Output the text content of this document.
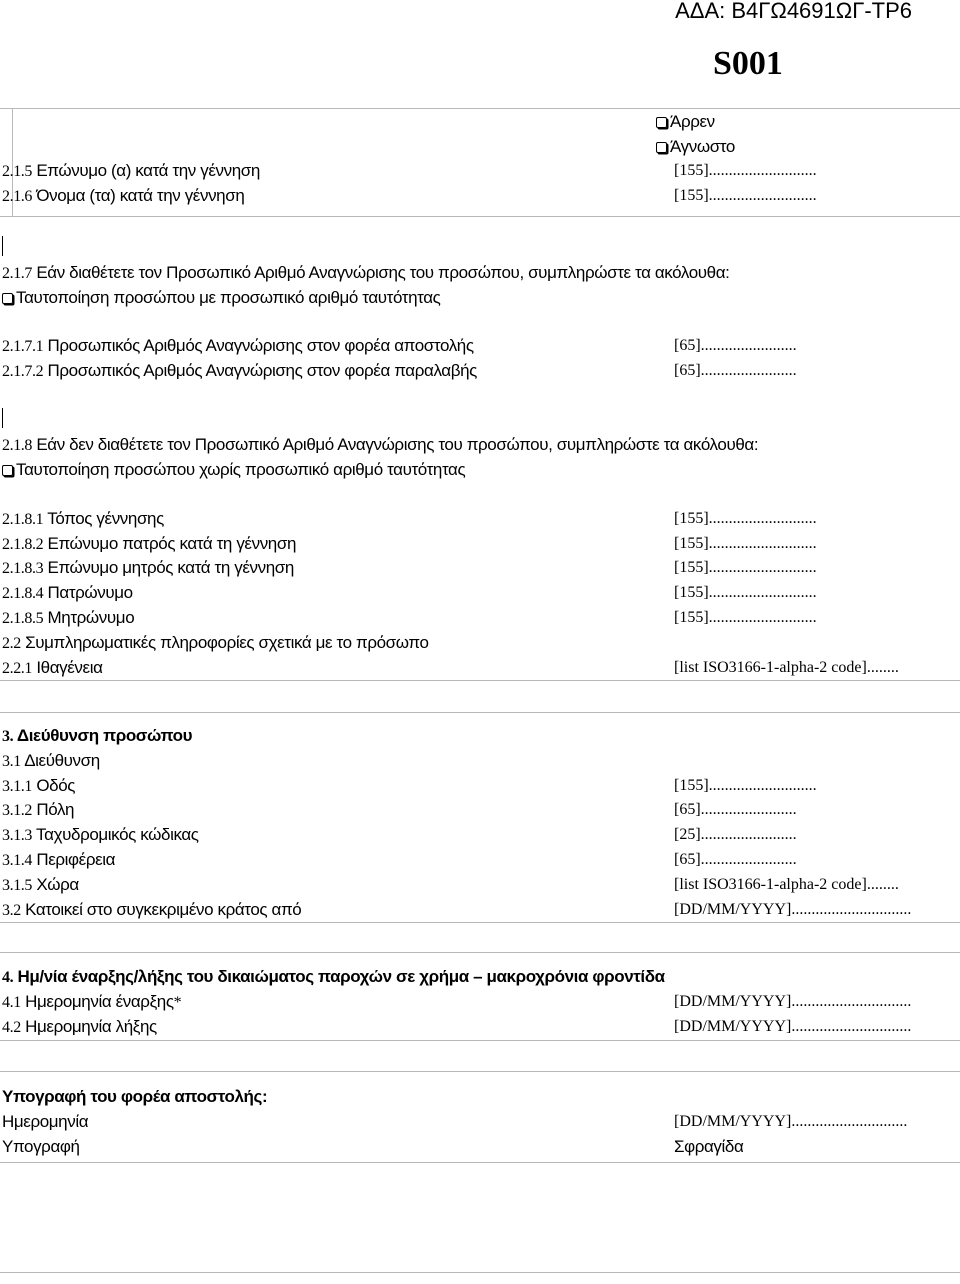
ΑΔΑ: Β4ΓΩ4691ΩΓ-ΤΡ6
S001
Άρρεν
Άγνωστο
2.1.5 Επώνυμο (α) κατά την γέννηση	[155]...........................
2.1.6 Όνομα (τα) κατά την γέννηση	[155]...........................
2.1.7 Εάν διαθέτετε τον Προσωπικό Αριθμό Αναγνώρισης του προσώπου, συμπληρώστε τα ακόλουθα:
Ταυτοποίηση προσώπου με προσωπικό αριθμό ταυτότητας
2.1.7.1 Προσωπικός Αριθμός Αναγνώρισης στον φορέα αποστολής	[65]........................
2.1.7.2 Προσωπικός Αριθμός Αναγνώρισης στον φορέα παραλαβής	[65]........................
2.1.8 Εάν δεν διαθέτετε τον Προσωπικό Αριθμό Αναγνώρισης του προσώπου, συμπληρώστε τα ακόλουθα:
Ταυτοποίηση προσώπου χωρίς προσωπικό αριθμό ταυτότητας
2.1.8.1 Τόπος γέννησης	[155]...........................
2.1.8.2 Επώνυμο πατρός κατά τη γέννηση	[155]...........................
2.1.8.3 Επώνυμο μητρός κατά τη γέννηση	[155]...........................
2.1.8.4 Πατρώνυμο	[155]...........................
2.1.8.5 Μητρώνυμο	[155]...........................
2.2 Συμπληρωματικές πληροφορίες σχετικά με το πρόσωπο
2.2.1 Ιθαγένεια	[list ISO3166-1-alpha-2 code]........
3. Διεύθυνση προσώπου
3.1 Διεύθυνση
3.1.1 Οδός	[155]...........................
3.1.2 Πόλη	[65]........................
3.1.3 Ταχυδρομικός κώδικας	[25]........................
3.1.4 Περιφέρεια	[65]........................
3.1.5 Χώρα	[list ISO3166-1-alpha-2 code]........
3.2 Κατοικεί στο συγκεκριμένο κράτος από	[DD/MM/YYYY]..............................
4. Ημ/νία έναρξης/λήξης του δικαιώματος παροχών σε χρήμα – μακροχρόνια φροντίδα
4.1 Ημερομηνία έναρξης*	[DD/MM/YYYY]..............................
4.2 Ημερομηνία λήξης	[DD/MM/YYYY]..............................
Υπογραφή του φορέα αποστολής:
Ημερομηνία	[DD/MM/YYYY].............................
Υπογραφή	Σφραγίδα
